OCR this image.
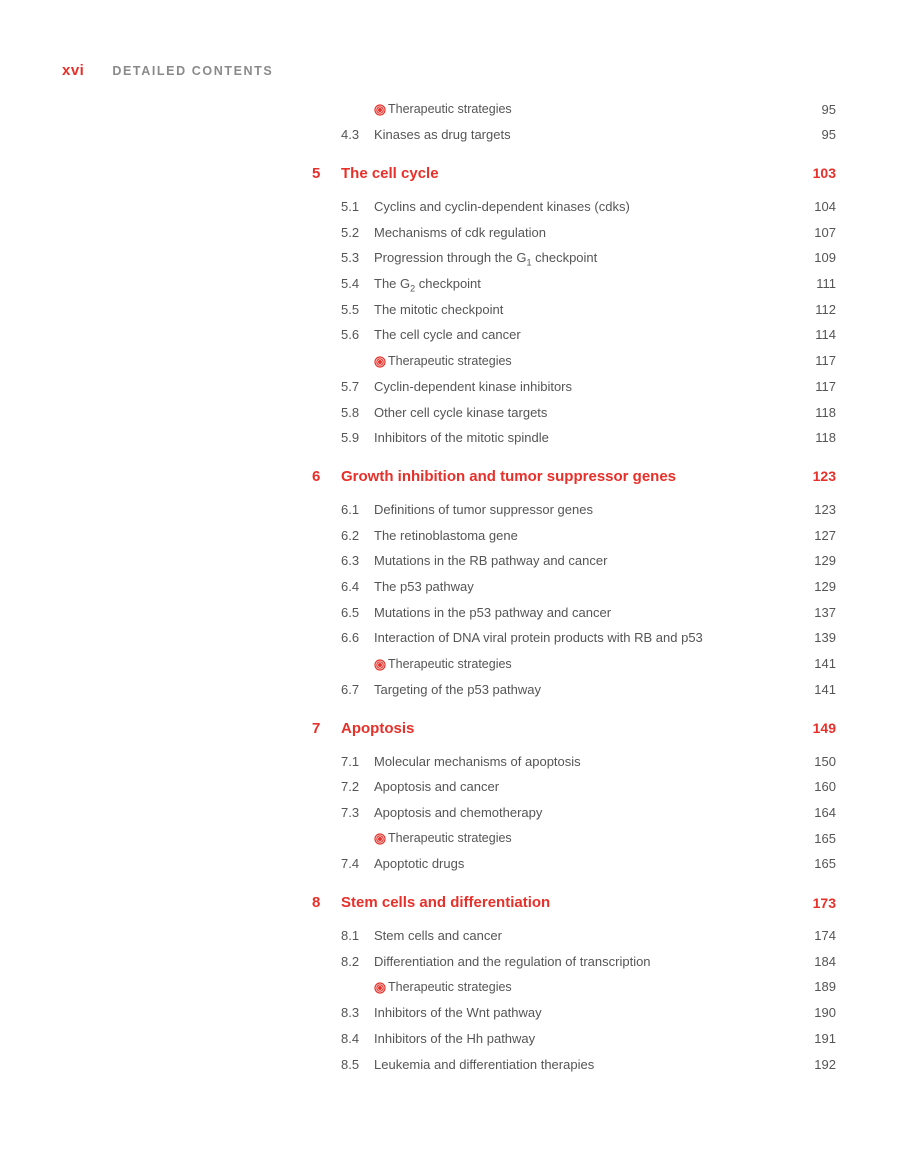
xvi DETAILED CONTENTS
Therapeutic strategies	95
4.3 Kinases as drug targets	95
5 The cell cycle	103
5.1 Cyclins and cyclin-dependent kinases (cdks)	104
5.2 Mechanisms of cdk regulation	107
5.3 Progression through the $G_1$ checkpoint	109
5.4 The $G_2$ checkpoint	111
5.5 The mitotic checkpoint	112
5.6 The cell cycle and cancer	114
Therapeutic strategies	117
5.7 Cyclin-dependent kinase inhibitors	117
5.8 Other cell cycle kinase targets	118
5.9 Inhibitors of the mitotic spindle	118
6 Growth inhibition and tumor suppressor genes	123
6.1 Definitions of tumor suppressor genes	123
6.2 The retinoblastoma gene	127
6.3 Mutations in the RB pathway and cancer	129
6.4 The p53 pathway	129
6.5 Mutations in the p53 pathway and cancer	137
6.6 Interaction of DNA viral protein products with RB and p53	139
Therapeutic strategies	141
6.7 Targeting of the p53 pathway	141
7 Apoptosis	149
7.1 Molecular mechanisms of apoptosis	150
7.2 Apoptosis and cancer	160
7.3 Apoptosis and chemotherapy	164
Therapeutic strategies	165
7.4 Apoptotic drugs	165
8 Stem cells and differentiation	173
8.1 Stem cells and cancer	174
8.2 Differentiation and the regulation of transcription	184
Therapeutic strategies	189
8.3 Inhibitors of the Wnt pathway	190
8.4 Inhibitors of the Hh pathway	191
8.5 Leukemia and differentiation therapies	192
